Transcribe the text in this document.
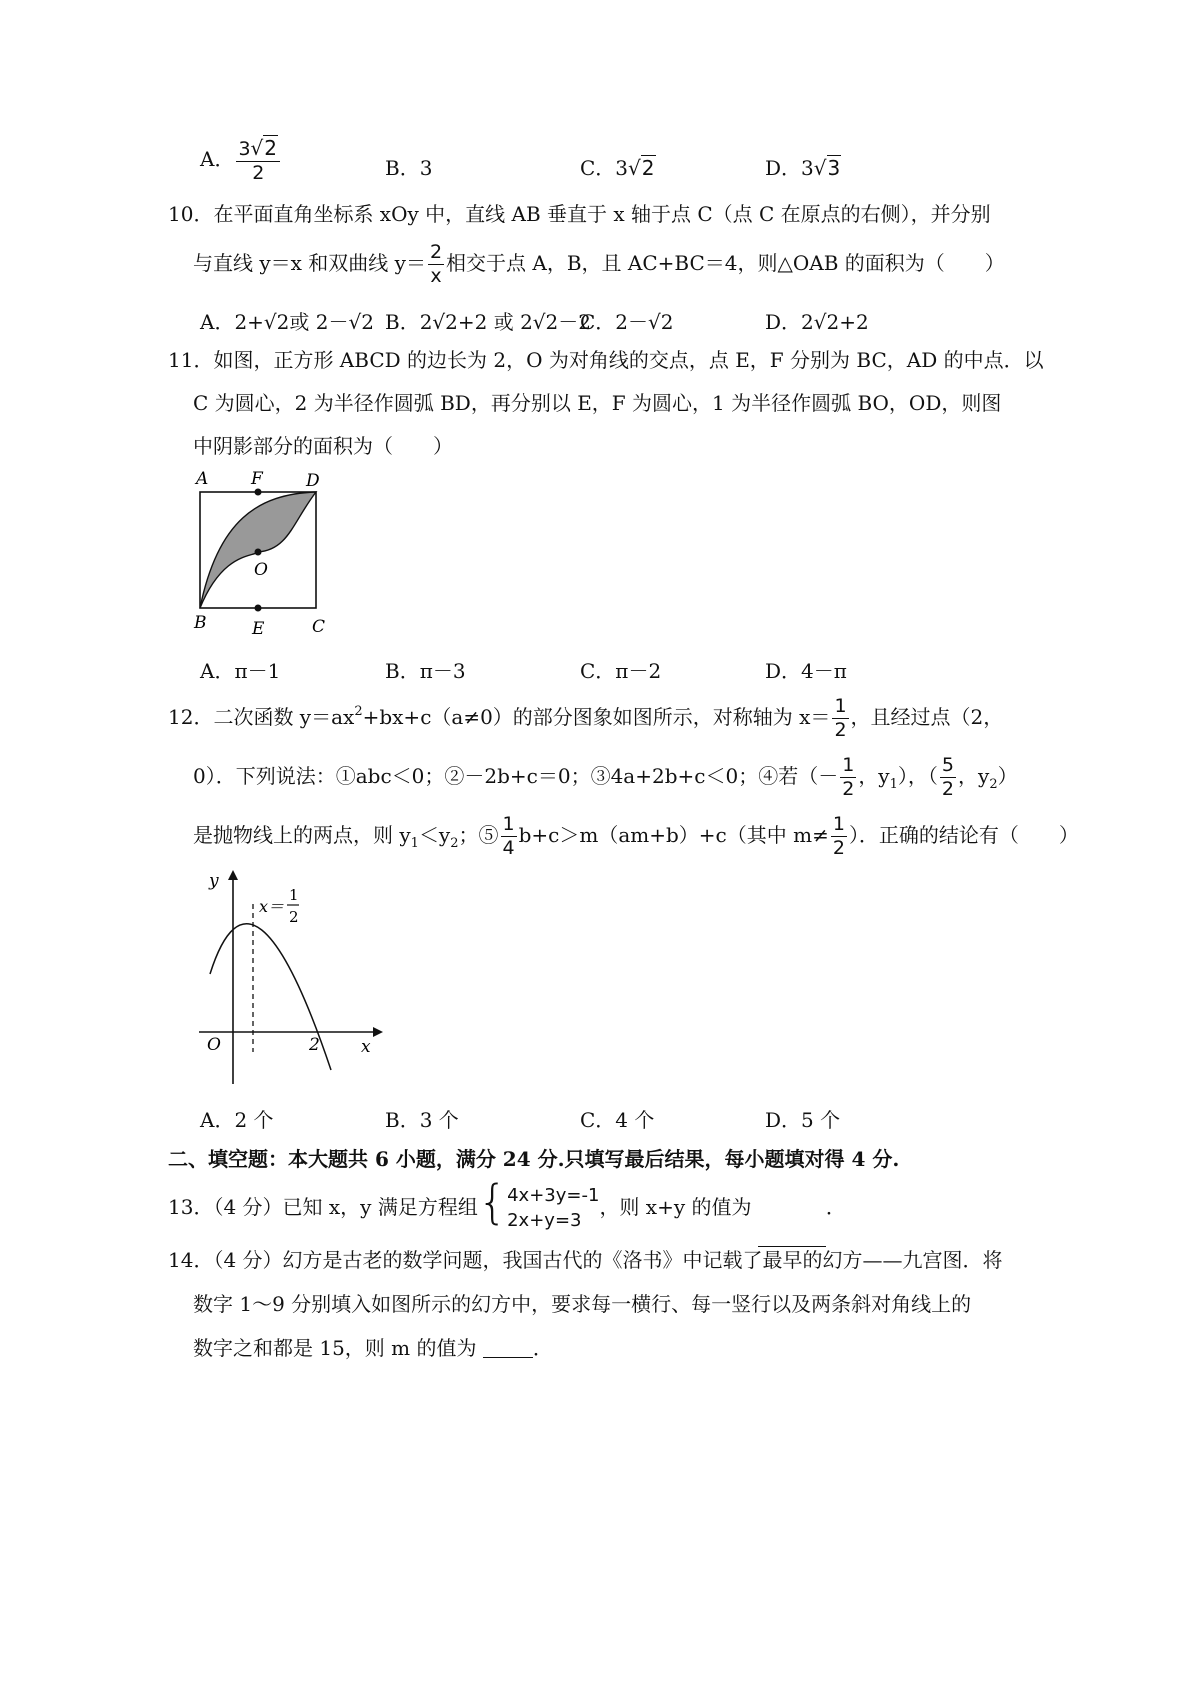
A． $\frac{3√2}{2}$	B．3	C．3√2	D．3√3
10．在平面直角坐标系 xOy 中，直线 AB 垂直于 x 轴于点 C（点 C 在原点的右侧），并分别
与直线 y＝x 和双曲线 $y= \frac{2}{x}$ 相交于点 A，B，且 AC+BC＝4，则△OAB 的面积为（　　）
A．2+√2或 2－√2 B．2√2+2 或 2√2－2
C．2－√2	D．2√2+2
11．如图，正方形 ABCD 的边长为 2，O 为对角线的交点，点 E，F 分别为 BC，AD 的中点．以
C 为圆心，2 为半径作圆弧 BD，再分别以 E，F 为圆心，1 为半径作圆弧 BO，OD，则图
中阴影部分的面积为（　　）
A	F	D
O
B	E	C
A．π－1	B．π－3	C．π－2	D．4－π
12．二次函数 $y=ax^2+bx+c(a\ne 0)$的部分图象如图所示，对称轴为 $x= \frac{1}{2}$ ，且经过点（2，
0）．下列说法：①abc＜0；②－2b+c＝0；③4a+2b+c＜0；④若（－ $\frac{1}{2}$ ，$y_1$），（ $\frac{5}{2}$ ，$y_2$）
是抛物线上的两点，则 $y_1<y_2$；⑤ $\frac{1}{4} b+c>m(am+b)+c$（其中 $m\ne \frac{1}{2}$ ）．正确的结论有（　　）
y
x
O	2
x＝
1
2
A．2 个	B．3 个	C．4 个	D．5 个
二、填空题：本大题共 6 小题，满分 24 分.只填写最后结果，每小题填对得 4 分.
13．（4 分）已知 x，y 满足方程组{ 4x+3y=-1
2x+y=3
，则 x+y 的值为	．
14．（4 分）幻方是古老的数学问题，我国古代的《洛书》中记载了最早的幻方——九宫图．将
数字 1～9 分别填入如图所示的幻方中，要求每一横行、每一竖行以及两条斜对角线上的
数字之和都是 15，则 m 的值为	．
